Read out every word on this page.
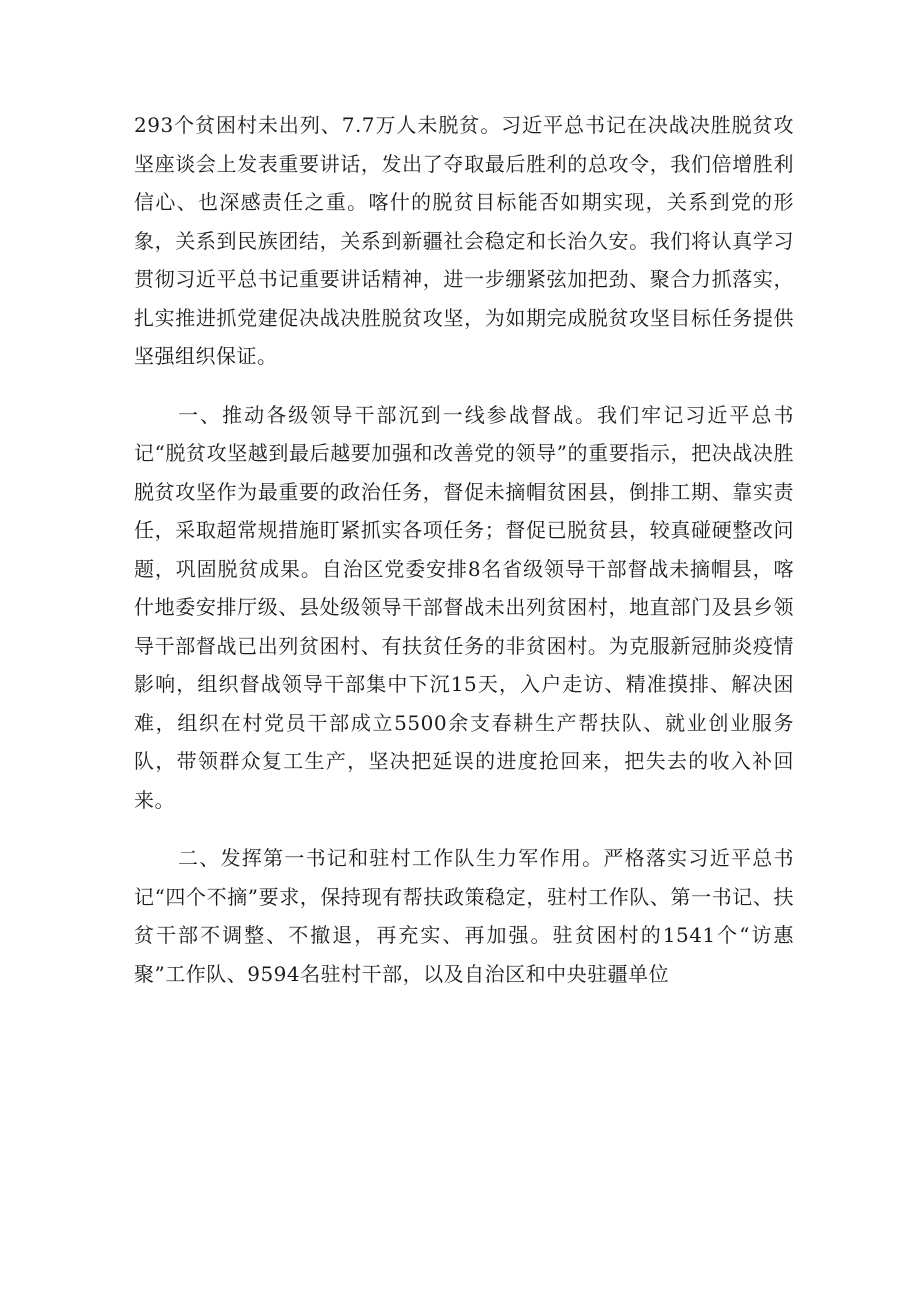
293个贫困村未出列、7.7万人未脱贫。习近平总书记在决战决胜脱贫攻坚座谈会上发表重要讲话，发出了夺取最后胜利的总攻令，我们倍增胜利信心、也深感责任之重。喀什的脱贫目标能否如期实现，关系到党的形象，关系到民族团结，关系到新疆社会稳定和长治久安。我们将认真学习贯彻习近平总书记重要讲话精神，进一步绷紧弦加把劲、聚合力抓落实，扎实推进抓党建促决战决胜脱贫攻坚，为如期完成脱贫攻坚目标任务提供坚强组织保证。

一、推动各级领导干部沉到一线参战督战。我们牢记习近平总书记“脱贫攻坚越到最后越要加强和改善党的领导”的重要指示，把决战决胜脱贫攻坚作为最重要的政治任务，督促未摘帽贫困县，倒排工期、靠实责任，采取超常规措施盯紧抓实各项任务；督促已脱贫县，较真碰硬整改问题，巩固脱贫成果。自治区党委安排8名省级领导干部督战未摘帽县，喀什地委安排厅级、县处级领导干部督战未出列贫困村，地直部门及县乡领导干部督战已出列贫困村、有扶贫任务的非贫困村。为克服新冠肺炎疫情影响，组织督战领导干部集中下沉15天，入户走访、精准摸排、解决困难，组织在村党员干部成立5500余支春耕生产帮扶队、就业创业服务队，带领群众复工生产，坚决把延误的进度抢回来，把失去的收入补回来。

二、发挥第一书记和驻村工作队生力军作用。严格落实习近平总书记“四个不摘”要求，保持现有帮扶政策稳定，驻村工作队、第一书记、扶贫干部不调整、不撤退，再充实、再加强。驻贫困村的1541个“访惠聚”工作队、9594名驻村干部，以及自治区和中央驻疆单位
